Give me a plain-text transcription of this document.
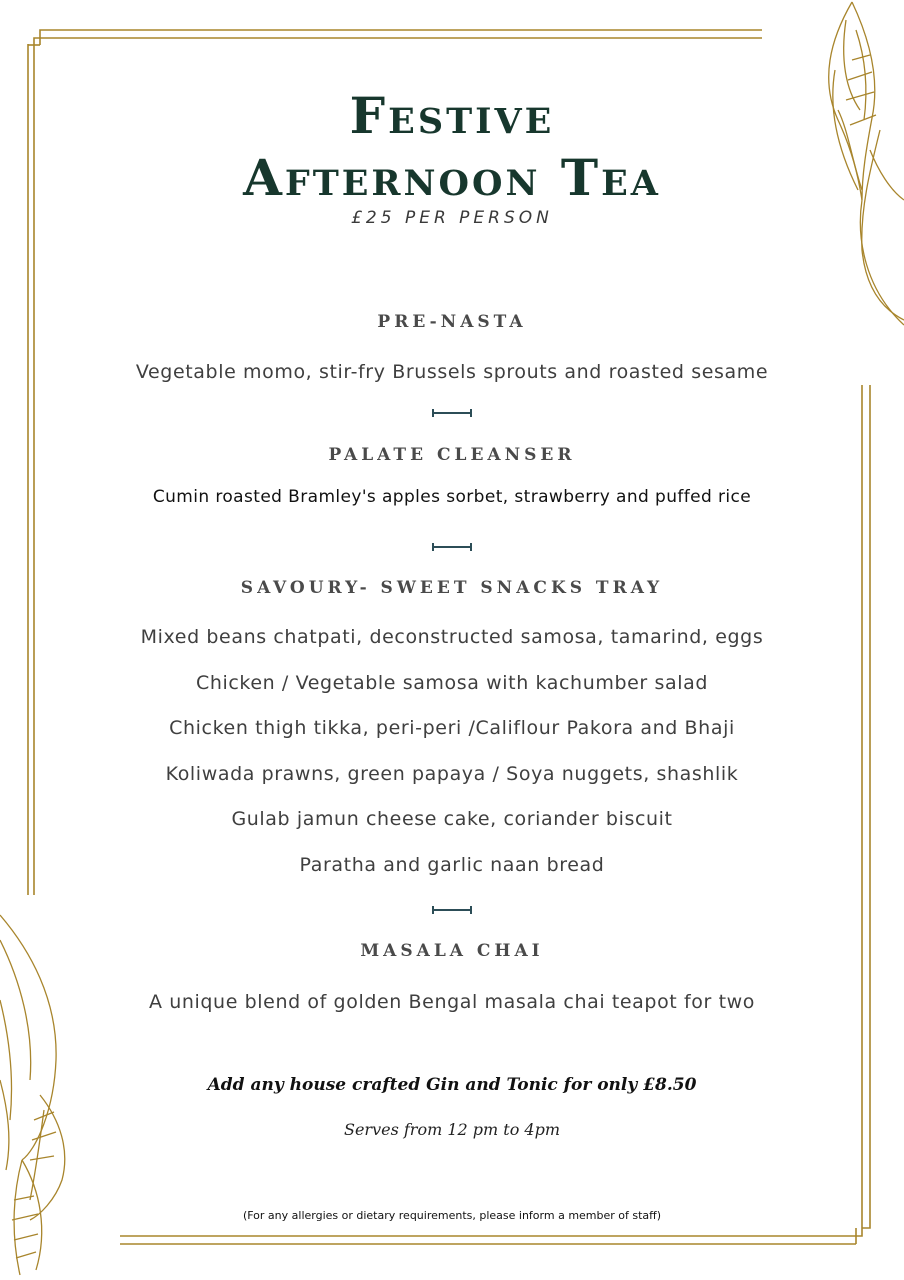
Festive
Afternoon Tea
£25 PER PERSON
PRE-NASTA
Vegetable momo, stir-fry Brussels sprouts and roasted sesame
PALATE CLEANSER
Cumin roasted Bramley's apples sorbet, strawberry and puffed rice
SAVOURY- SWEET SNACKS TRAY
Mixed beans chatpati, deconstructed samosa, tamarind, eggs
Chicken / Vegetable samosa with kachumber salad
Chicken thigh tikka, peri-peri /Califlour Pakora and Bhaji
Koliwada prawns, green papaya / Soya nuggets, shashlik
Gulab jamun cheese cake, coriander biscuit
Paratha and garlic naan bread
MASALA CHAI
A unique blend of golden Bengal masala chai teapot for two
Add any house crafted Gin and Tonic for only £8.50
Serves from 12 pm to 4pm
(For any allergies or dietary requirements, please inform a member of staff)
